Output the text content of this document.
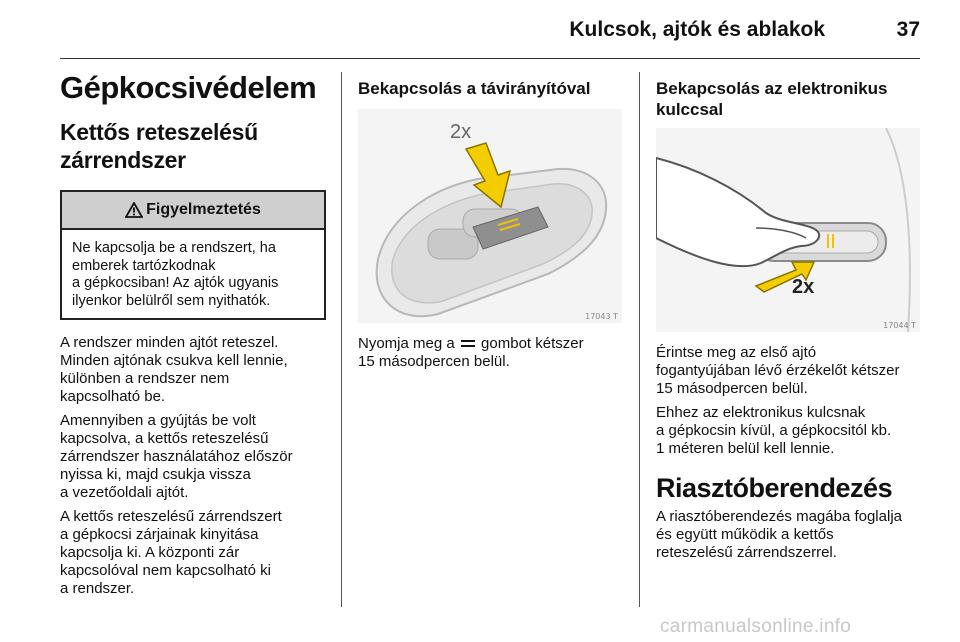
Kulcsok, ajtók és ablakok	37
Gépkocsivédelem
Kettős reteszelésű zárrendszer
Figyelmeztetés

Ne kapcsolja be a rendszert, ha

emberek tartózkodnak

a gépkocsiban! Az ajtók ugyanis

ilyenkor belülről sem nyithatók.

A rendszer minden ajtót reteszel.
Minden ajtónak csukva kell lennie,
különben a rendszer nem
kapcsolható be.

Amennyiben a gyújtás be volt
kapcsolva, a kettős reteszelésű
zárrendszer használatához először
nyissa ki, majd csukja vissza
a vezetőoldali ajtót.

A kettős reteszelésű zárrendszert
a gépkocsi zárjainak kinyitása
kapcsolja ki. A központi zár
kapcsolóval nem kapcsolható ki
a rendszer.

Bekapcsolás a távirányítóval
2x
17043 T

Nyomja meg a gombot kétszer
15 másodpercen belül.

Bekapcsolás az elektronikus
kulccsal
2x
17044 T

Érintse meg az első ajtó
fogantyújában lévő érzékelőt kétszer
15 másodpercen belül.

Ehhez az elektronikus kulcsnak
a gépkocsin kívül, a gépkocsitól kb.
1 méteren belül kell lennie.

Riasztóberendezés

A riasztóberendezés magába foglalja
és együtt működik a kettős
reteszelésű zárrendszerrel.

carmanualsonline.info
